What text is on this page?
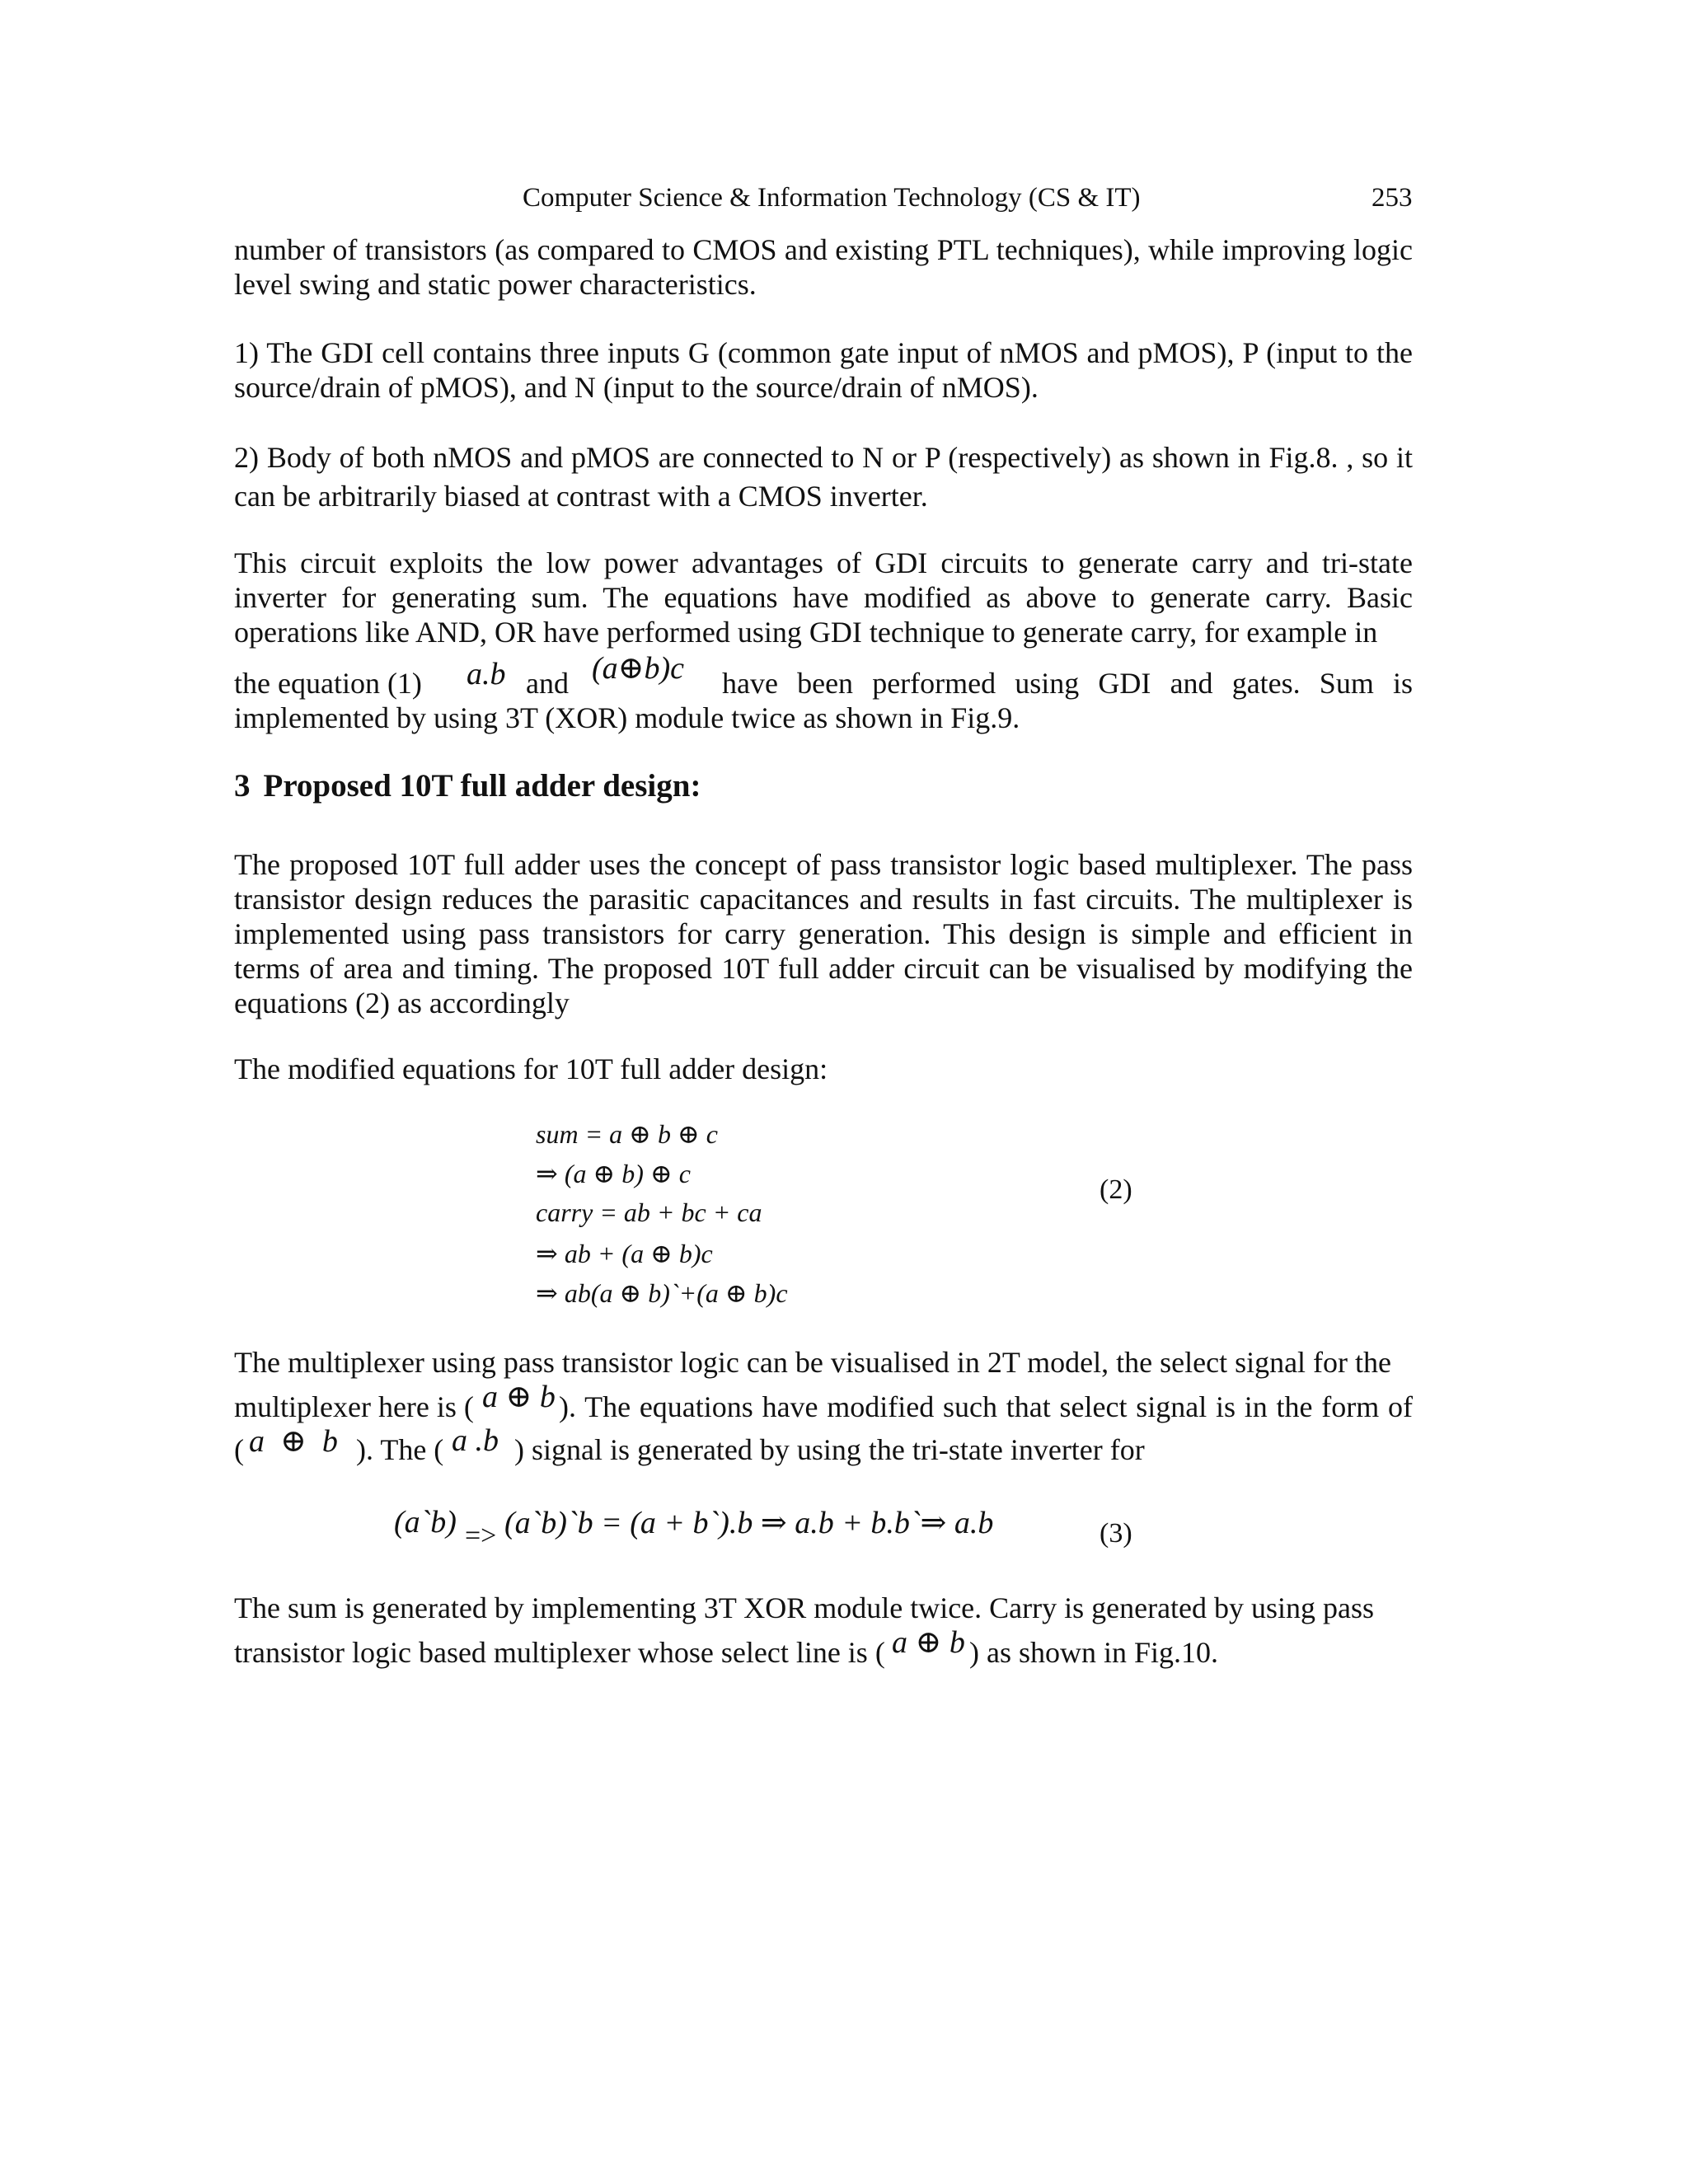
Computer Science & Information Technology (CS & IT)	253

number of transistors (as compared to CMOS and existing PTL techniques), while improving logic level swing and static power characteristics.

1) The GDI cell contains three inputs G (common gate input of nMOS and pMOS), P (input to the source/drain of pMOS), and N (input to the source/drain of nMOS).

2) Body of both nMOS and pMOS are connected to N or P (respectively) as shown in Fig.8. , so it can be arbitrarily biased at contrast with a CMOS inverter.

This circuit exploits the low power advantages of GDI circuits to generate carry and tri-state inverter for generating sum. The equations have modified as above to generate carry. Basic operations like AND, OR have performed using GDI technique to generate carry, for example in

the equation (1) a.b and (a⊕b)c have been performed using GDI and gates. Sum is
implemented by using 3T (XOR) module twice as shown in Fig.9.
3 Proposed 10T full adder design:

The proposed 10T full adder uses the concept of pass transistor logic based multiplexer. The pass transistor design reduces the parasitic capacitances and results in fast circuits. The multiplexer is implemented using pass transistors for carry generation. This design is simple and efficient in terms of area and timing. The proposed 10T full adder circuit can be visualised by modifying the equations (2) as accordingly

The modified equations for 10T full adder design:

sum = a ⊕ b ⊕ c
⇒ (a ⊕ b) ⊕ c
carry = ab + bc + ca
⇒ ab + (a ⊕ b)c
⇒ ab(a ⊕ b)`+(a ⊕ b)c
(2)
The multiplexer using pass transistor logic can be visualised in 2T model, the select signal for the
multiplexer here is ( a ⊕ b ). The equations have modified such that select signal is in the form of
( a  ⊕  b ). The ( a .b ) signal is generated by using the tri-state inverter for
(a`b) => (a`b)`b = (a + b`).b ⇒ a.b + b.b`⇒ a.b	(3)
The sum is generated by implementing 3T XOR module twice. Carry is generated by using pass
transistor logic based multiplexer whose select line is ( a ⊕ b ) as shown in Fig.10.
